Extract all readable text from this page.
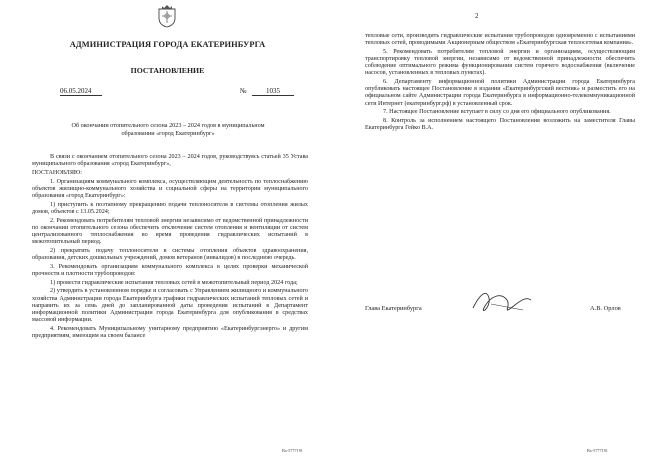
АДМИНИСТРАЦИЯ ГОРОДА ЕКАТЕРИНБУРГА
ПОСТАНОВЛЕНИЕ
06.05.2024	№	1035
Об окончании отопительного сезона 2023 – 2024 годов в муниципальном образовании «город Екатеринбург»

В связи с окончанием отопительного сезона 2023 – 2024 годов, руководствуясь статьей 35 Устава муниципального образования «город Екатеринбург»,

ПОСТАНОВЛЯЮ:

1. Организациям коммунального комплекса, осуществляющим деятельность по теплоснабжению объектов жилищно-коммунального хозяйства и социальной сферы на территории муниципального образования «город Екатеринбург»:

1) приступить к поэтапному прекращению подачи теплоносителя в системы отопления жилых домов, объектов с 13.05.2024;

2. Рекомендовать потребителям тепловой энергии независимо от ведомственной принадлежности по окончании отопительного сезона обеспечить отключение систем отопления и вентиляции от систем централизованного теплоснабжения во время проведения гидравлических испытаний в межотопительный период.

2) прекратить подачу теплоносителя в системы отопления объектов здравоохранения, образования, детских дошкольных учреждений, домов ветеранов (инвалидов) в последнюю очередь.

3. Рекомендовать организациям коммунального комплекса в целях проверки механической прочности и плотности трубопроводов:

1) провести гидравлические испытания тепловых сетей в межотопительный период 2024 года;

2) утвердить в установленном порядке и согласовать с Управлением жилищного и коммунального хозяйства Администрации города Екатеринбурга графики гидравлических испытаний тепловых сетей и направить их за семь дней до запланированной даты проведения испытаний в Департамент информационной политики Администрации города Екатеринбурга для опубликования в средствах массовой информации.

4. Рекомендовать Муниципальному унитарному предприятию «Екатеринбургэнерго» и другим предприятиям, имеющим на своем балансе

Вх-5777191
2

тепловые сети, производить гидравлические испытания трубопроводов одновременно с испытаниями тепловых сетей, проводимыми Акционерным обществом «Екатеринбургская теплосетевая компания».

5. Рекомендовать потребителям тепловой энергии и организациям, осуществляющим транспортировку тепловой энергии, независимо от ведомственной принадлежности обеспечить соблюдение оптимального режима функционирования систем горячего водоснабжения (включение насосов, установленных в тепловых пунктах).

6. Департаменту информационной политики Администрации города Екатеринбурга опубликовать настоящее Постановление в издании «Екатеринбургский вестник» и разместить его на официальном сайте Администрации города Екатеринбурга в информационно-телекоммуникационной сети Интернет (екатеринбург.рф) в установленный срок.

7. Настоящее Постановление вступает в силу со дня его официального опубликования.

8. Контроль за исполнением настоящего Постановления возложить на заместителя Главы Екатеринбурга Гейко В.А.

Глава Екатеринбурга	А.В. Орлов
Вх-5777191
